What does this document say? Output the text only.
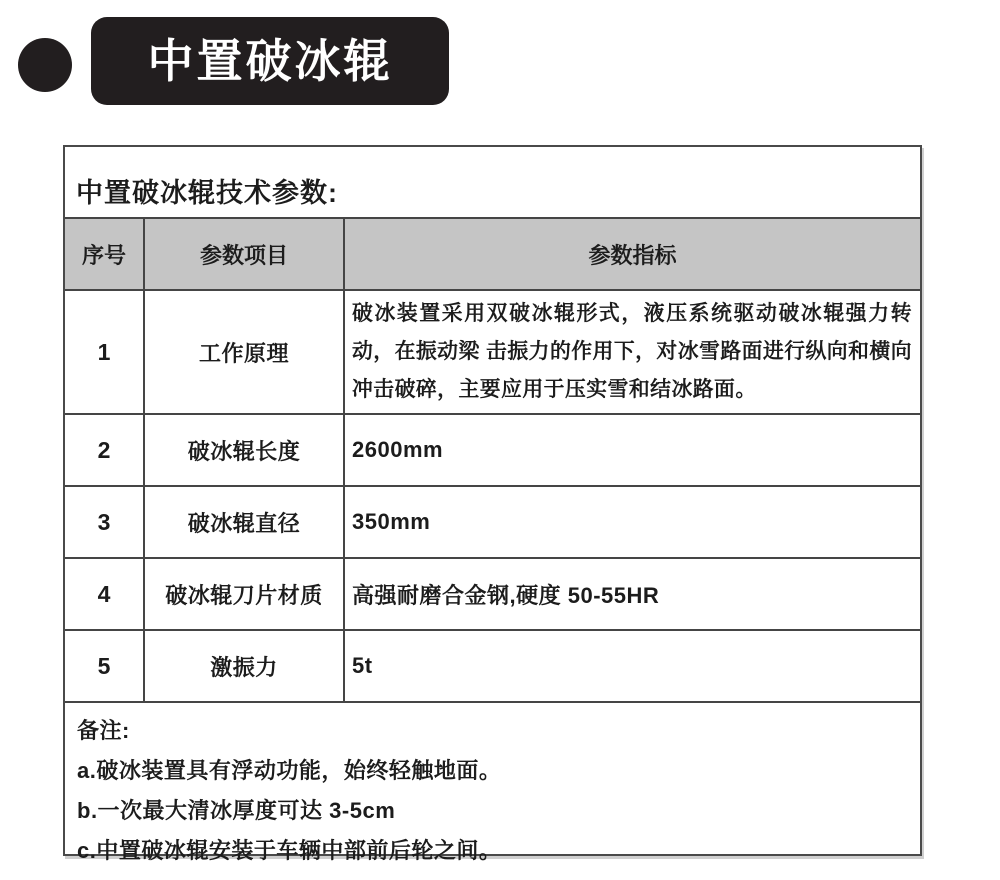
中置破冰辊
中置破冰辊技术参数:
序号	参数项目	参数指标
1	工作原理	破冰装置采用双破冰辊形式，液压系统驱动破冰辊强力转动，在振动梁 击振力的作用下，对冰雪路面进行纵向和横向冲击破碎，主要应用于压实雪和结冰路面。
2	破冰辊长度	2600mm
3	破冰辊直径	350mm
4	破冰辊刀片材质	高强耐磨合金钢,硬度 50-55HR
5	激振力	5t
备注:
a.破冰装置具有浮动功能，始终轻触地面。
b.一次最大清冰厚度可达 3-5cm
c.中置破冰辊安装于车辆中部前后轮之间。
